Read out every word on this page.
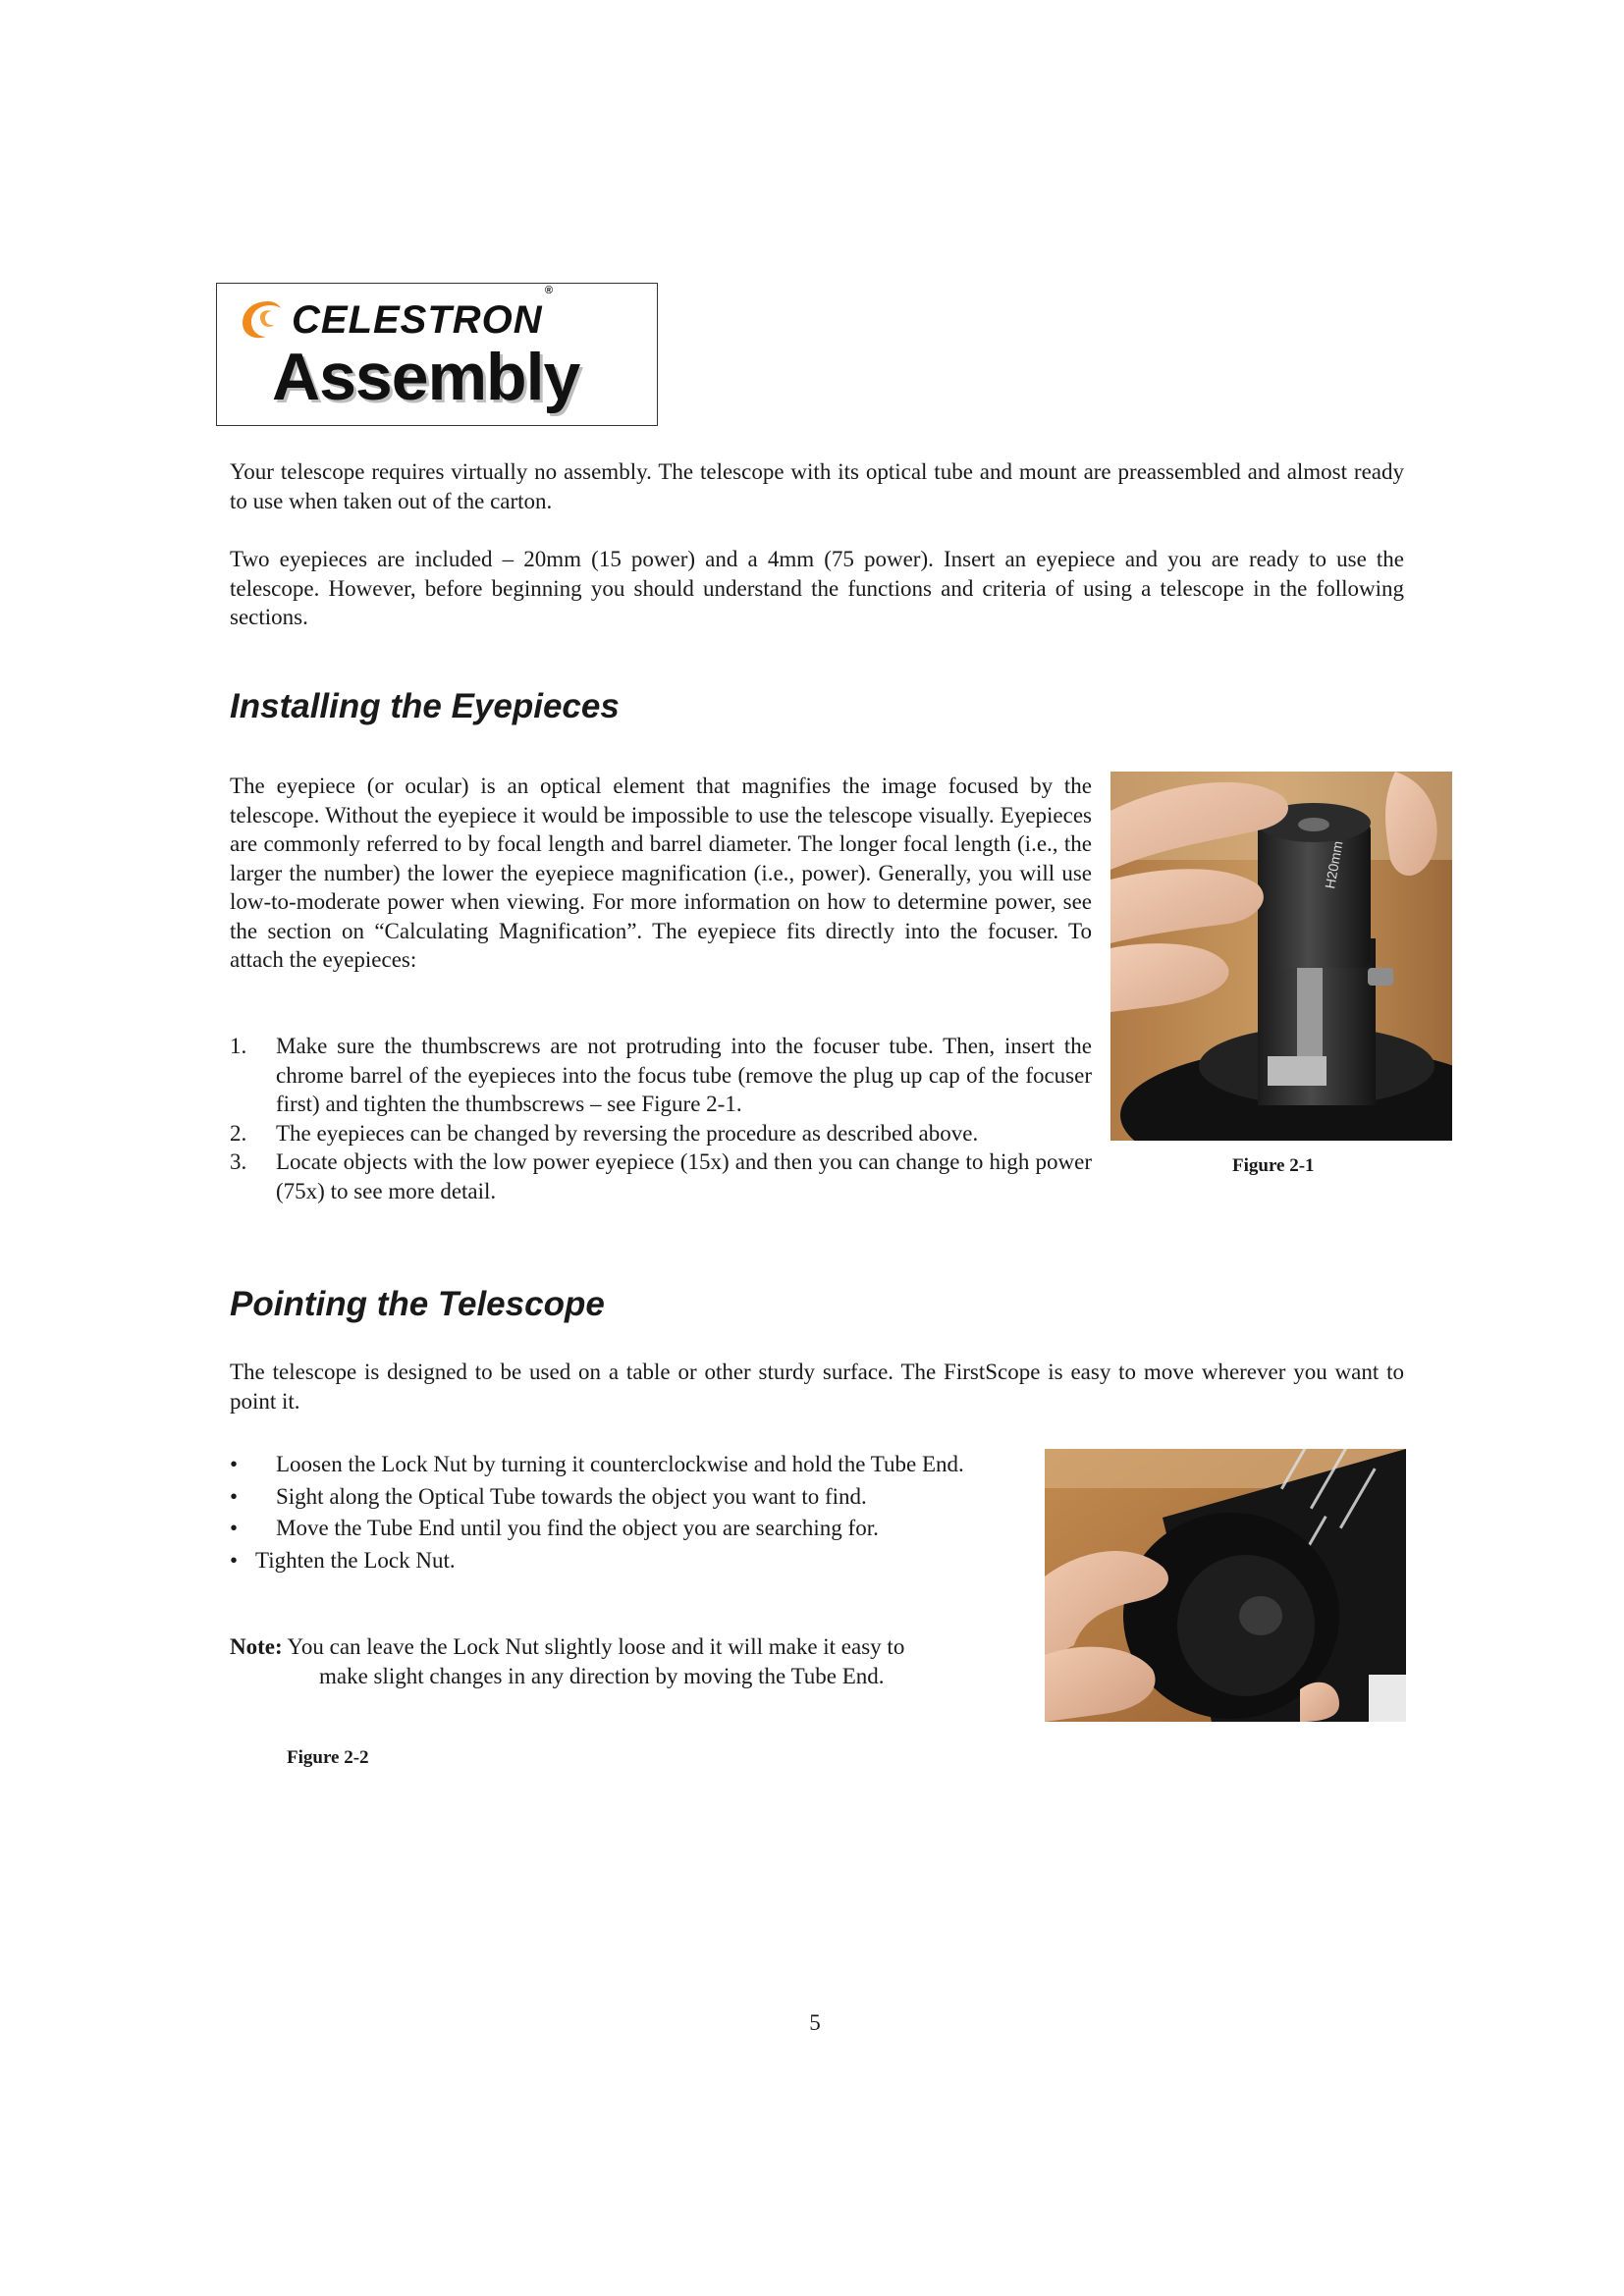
CELESTRON®
Assembly

Your telescope requires virtually no assembly. The telescope with its optical tube and mount are preassembled and almost ready to use when taken out of the carton.

Two eyepieces are included – 20mm (15 power) and a 4mm (75 power). Insert an eyepiece and you are ready to use the telescope. However, before beginning you should understand the functions and criteria of using a telescope in the following sections.

Installing the Eyepieces

The eyepiece (or ocular) is an optical element that magnifies the image focused by the telescope. Without the eyepiece it would be impossible to use the telescope visually. Eyepieces are commonly referred to by focal length and barrel diameter. The longer focal length (i.e., the larger the number) the lower the eyepiece magnification (i.e., power). Generally, you will use low-to-moderate power when viewing. For more information on how to determine power, see the section on “Calculating Magnification”. The eyepiece fits directly into the focuser. To attach the eyepieces:

1. Make sure the thumbscrews are not protruding into the focuser tube. Then, insert the chrome barrel of the eyepieces into the focus tube (remove the plug up cap of the focuser first) and tighten the thumbscrews – see Figure 2-1.
2. The eyepieces can be changed by reversing the procedure as described above.
3. Locate objects with the low power eyepiece (15x) and then you can change to high power (75x) to see more detail.
H20mm
Figure 2-1
Pointing the Telescope

The telescope is designed to be used on a table or other sturdy surface. The FirstScope is easy to move wherever you want to point it.

• Loosen the Lock Nut by turning it counterclockwise and hold the Tube End.
• Sight along the Optical Tube towards the object you want to find.
• Move the Tube End until you find the object you are searching for.
• Tighten the Lock Nut.
Note: You can leave the Lock Nut slightly loose and it will make it easy to
make slight changes in any direction by moving the Tube End.
Figure 2-2
5
